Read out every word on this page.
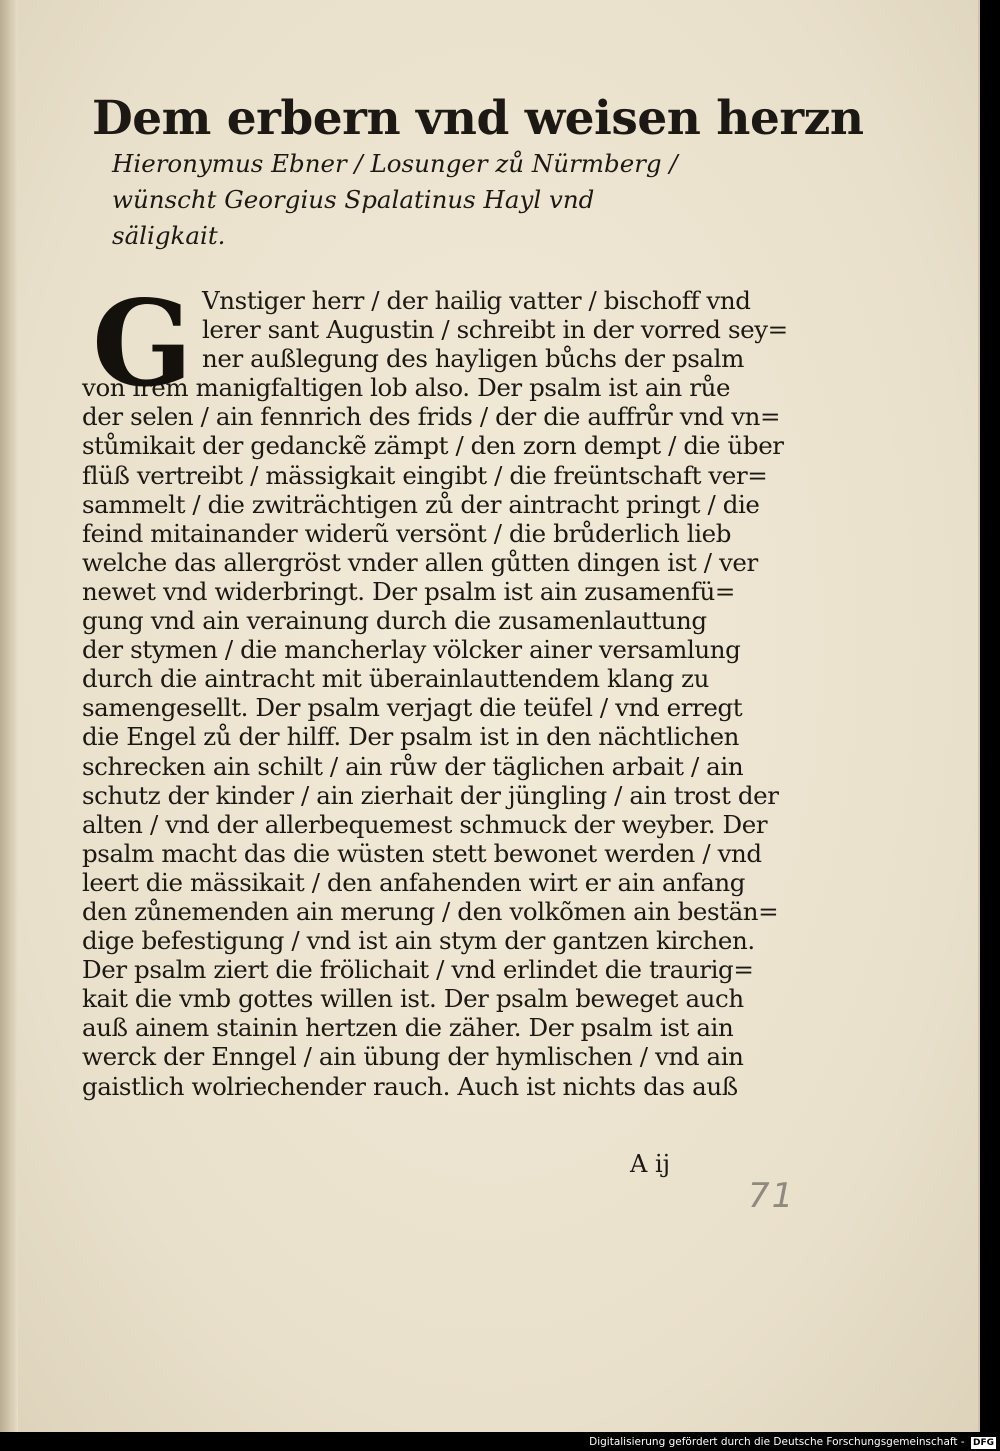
Dem erbern vnd weisen herzn
Hieronymus Ebner / Losunger zů Nürmberg /
wünscht Georgius Spalatinus Hayl vnd
säligkait.
G Vnstiger herr / der hailig vatter / bischoff vnd
lerer sant Augustin / schreibt in der vorred sey=
ner außlegung des hayligen bůchs der psalm
von irem manigfaltigen lob also. Der psalm ist ain růe
der selen / ain fennrich des frids / der die auffrůr vnd vn=
stůmikait der gedanckẽ zämpt / den zorn dempt / die über
flüß vertreibt / mässigkait eingibt / die freüntschaft ver=
sammelt / die zwiträchtigen zů der aintracht pringt / die
feind mitainander widerũ versönt / die brůderlich lieb
welche das allergröst vnder allen gůtten dingen ist / ver
newet vnd widerbringt. Der psalm ist ain zusamenfü=
gung vnd ain verainung durch die zusamenlauttung
der stymen / die mancherlay völcker ainer versamlung
durch die aintracht mit überainlauttendem klang zu
samengesellt. Der psalm verjagt die teüfel / vnd erregt
die Engel zů der hilff. Der psalm ist in den nächtlichen
schrecken ain schilt / ain růw der täglichen arbait / ain
schutz der kinder / ain zierhait der jüngling / ain trost der
alten / vnd der allerbequemest schmuck der weyber. Der
psalm macht das die wüsten stett bewonet werden / vnd
leert die mässikait / den anfahenden wirt er ain anfang
den zůnemenden ain merung / den volkõmen ain bestän=
dige befestigung / vnd ist ain stym der gantzen kirchen.
Der psalm ziert die frölichait / vnd erlindet die traurig=
kait die vmb gottes willen ist. Der psalm beweget auch
auß ainem stainin hertzen die zäher. Der psalm ist ain
werck der Enngel / ain übung der hymlischen / vnd ain
gaistlich wolriechender rauch. Auch ist nichts das auß
A ij
71
Digitalisierung gefördert durch die Deutsche Forschungsgemeinschaft - DFG
